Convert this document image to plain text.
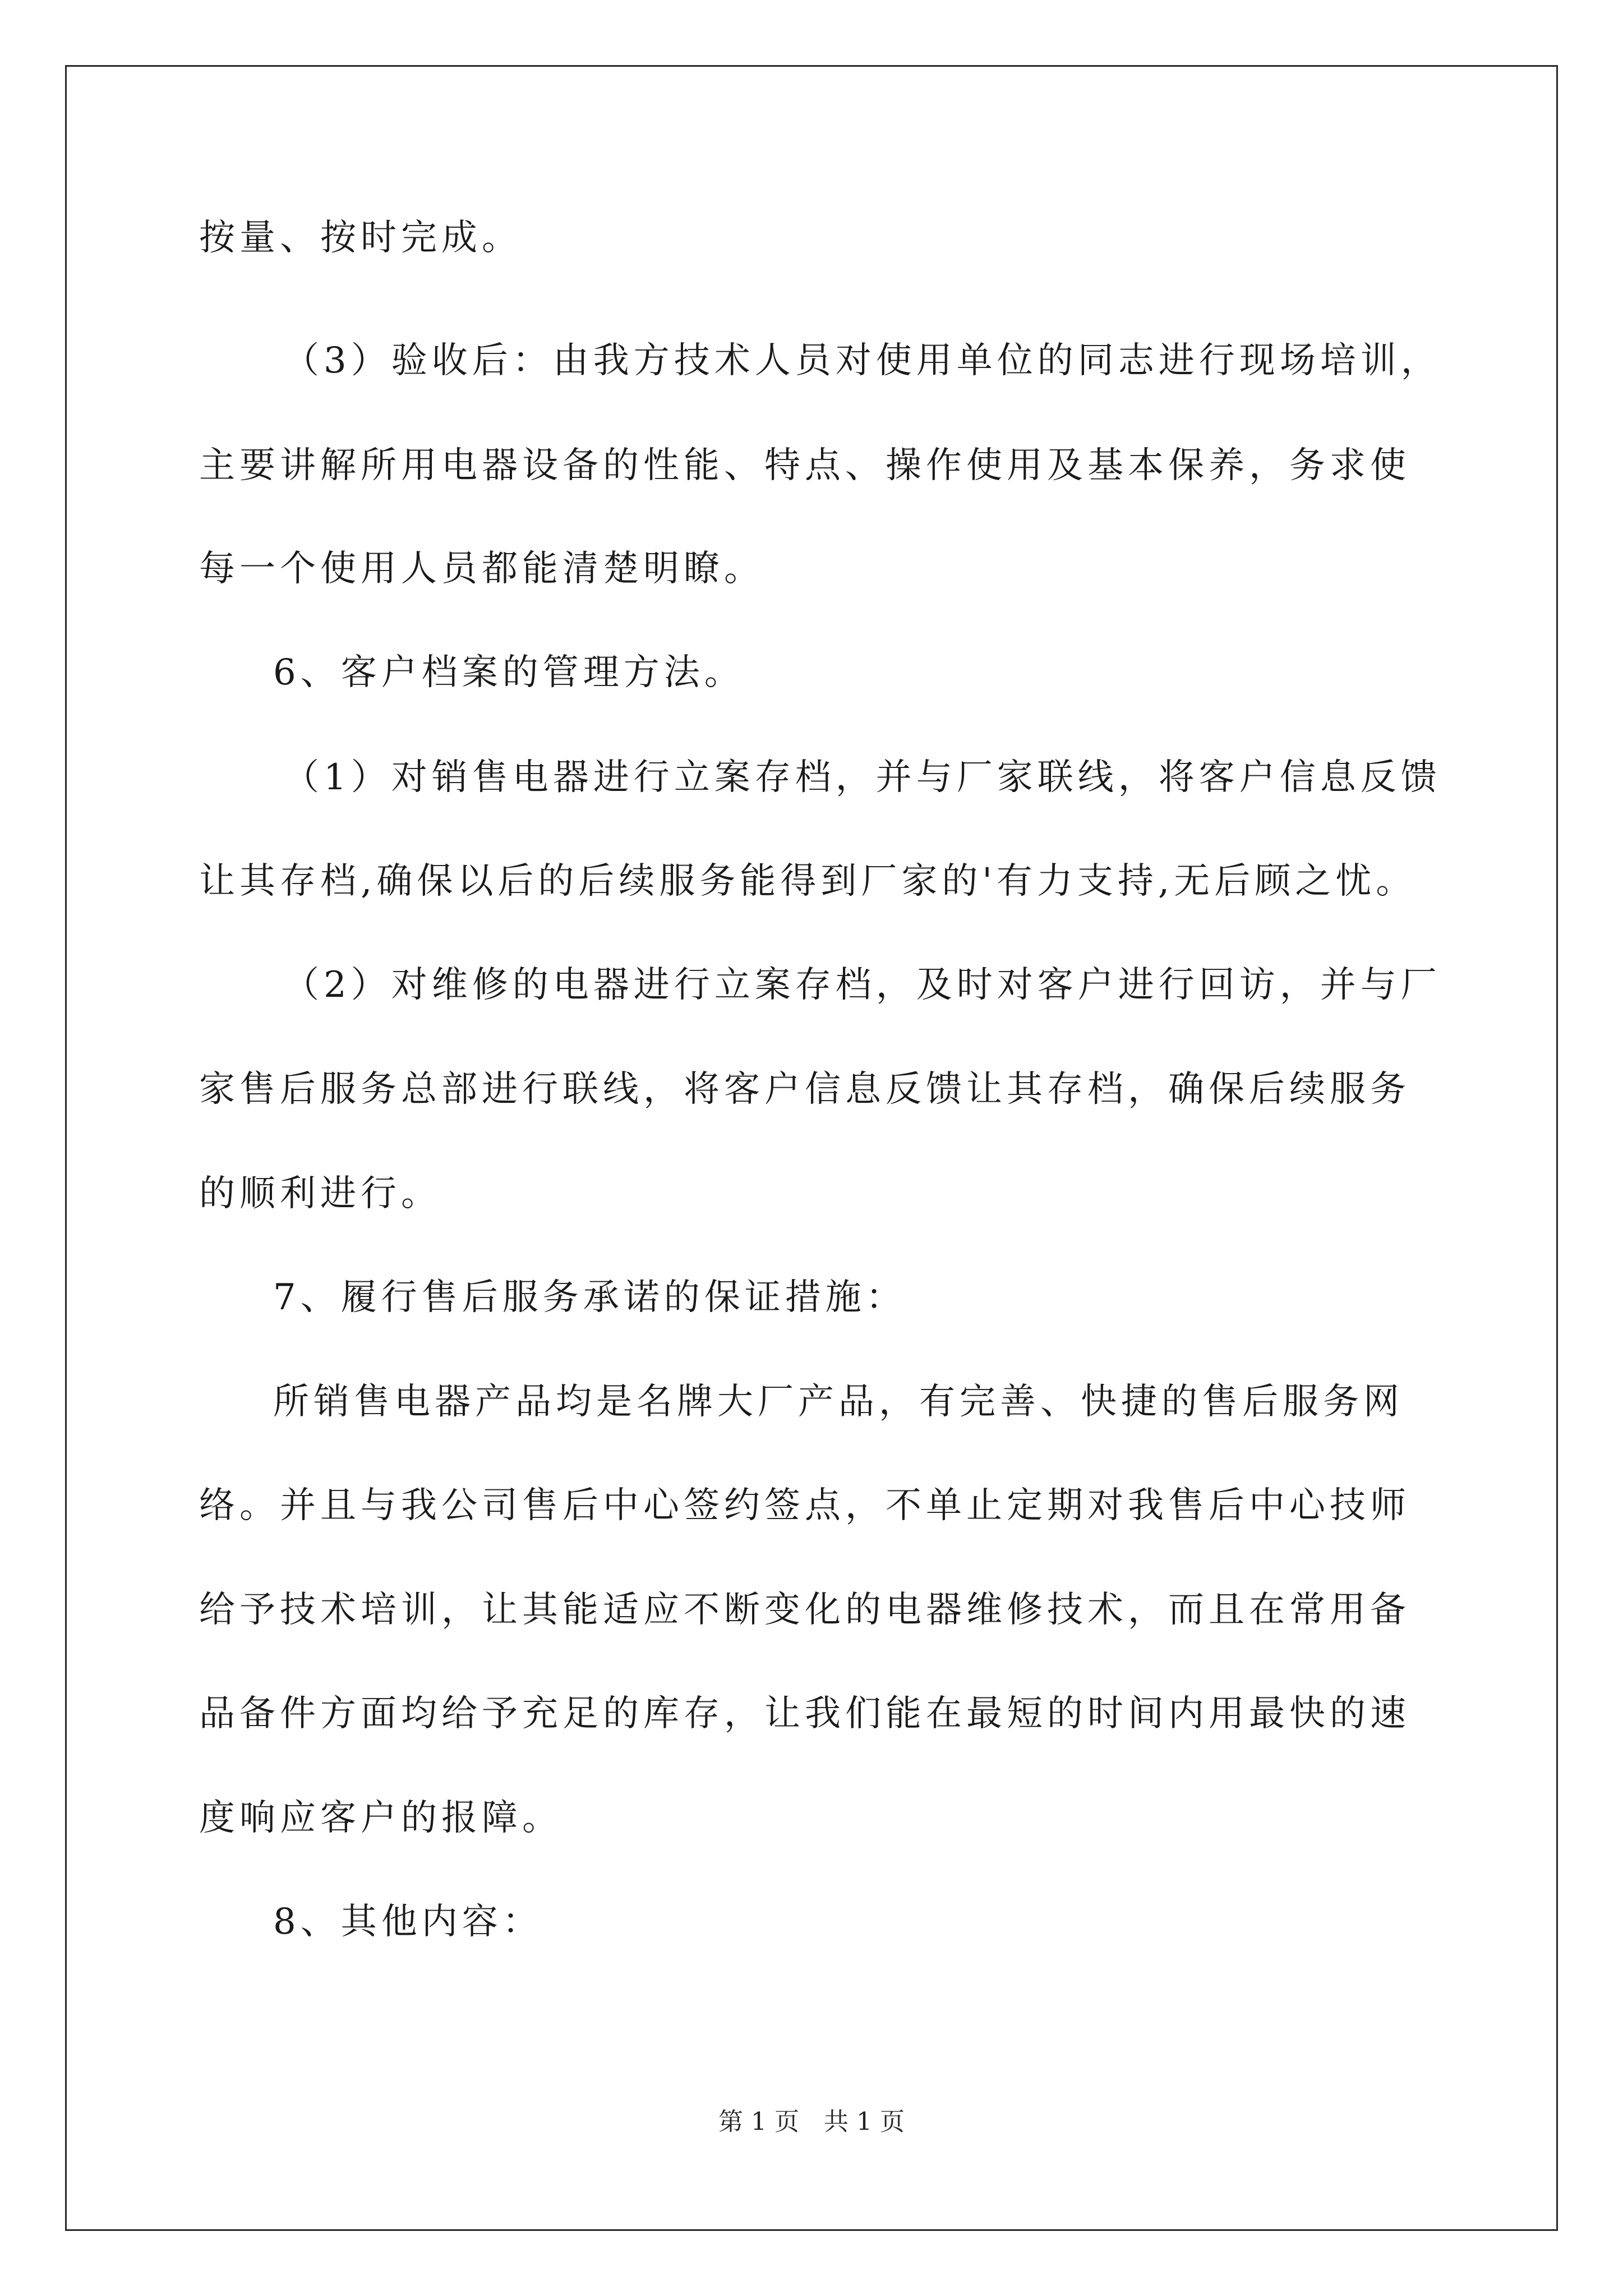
按量、按时完成。
（3）验收后：由我方技术人员对使用单位的同志进行现场培训，
主要讲解所用电器设备的性能、特点、操作使用及基本保养，务求使
每一个使用人员都能清楚明瞭。
6、客户档案的管理方法。
（1）对销售电器进行立案存档，并与厂家联线，将客户信息反馈
让其存档,确保以后的后续服务能得到厂家的'有力支持,无后顾之忧。
（2）对维修的电器进行立案存档，及时对客户进行回访，并与厂
家售后服务总部进行联线，将客户信息反馈让其存档，确保后续服务
的顺利进行。
7、履行售后服务承诺的保证措施：
所销售电器产品均是名牌大厂产品，有完善、快捷的售后服务网
络。并且与我公司售后中心签约签点，不单止定期对我售后中心技师
给予技术培训，让其能适应不断变化的电器维修技术，而且在常用备
品备件方面均给予充足的库存，让我们能在最短的时间内用最快的速
度响应客户的报障。
8、其他内容：
第 1 页　共 1 页
